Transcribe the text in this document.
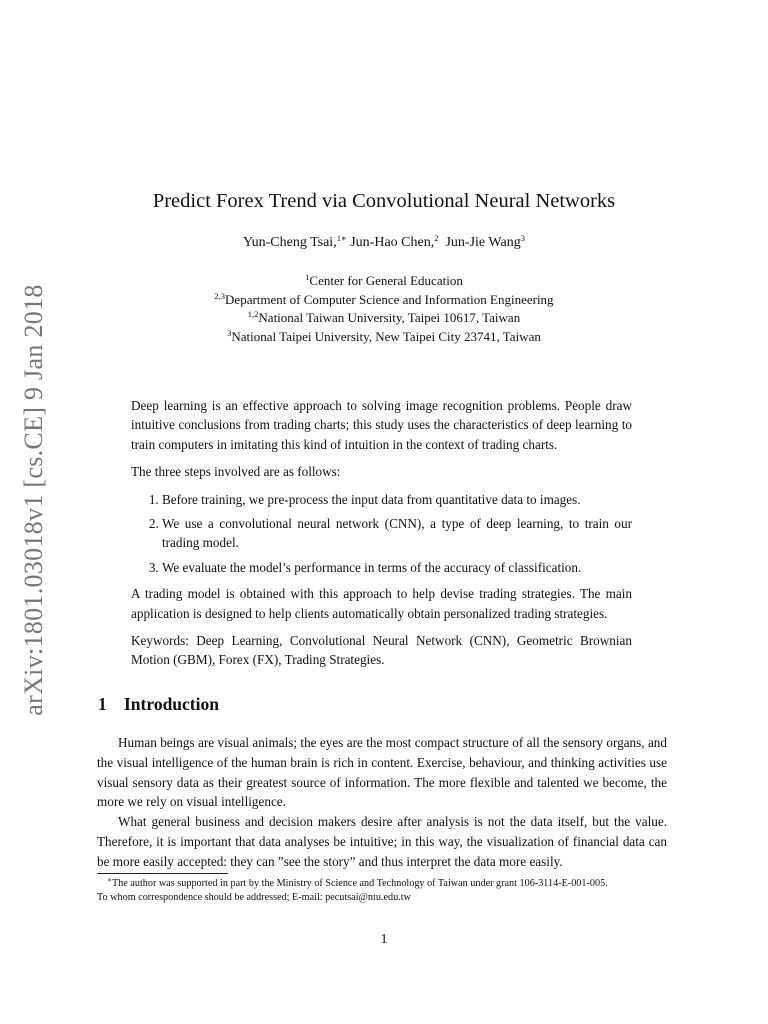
arXiv:1801.03018v1 [cs.CE] 9 Jan 2018
Predict Forex Trend via Convolutional Neural Networks
Yun-Cheng Tsai,$^{1∗}$ Jun-Hao Chen,$^2$ Jun-Jie Wang$^3$
$^1$Center for General Education
$^{2,3}$Department of Computer Science and Information Engineering
$^{1,2}$National Taiwan University, Taipei 10617, Taiwan
$^3$National Taipei University, New Taipei City 23741, Taiwan

Deep learning is an effective approach to solving image recognition problems. People draw intuitive conclusions from trading charts; this study uses the characteristics of deep learning to train computers in imitating this kind of intuition in the context of trading charts.

The three steps involved are as follows:

1. Before training, we pre-process the input data from quantitative data to images.
2. We use a convolutional neural network (CNN), a type of deep learning, to train our trading model.
3. We evaluate the model’s performance in terms of the accuracy of classification.

A trading model is obtained with this approach to help devise trading strategies. The main application is designed to help clients automatically obtain personalized trading strategies.

Keywords: Deep Learning, Convolutional Neural Network (CNN), Geometric Brownian Motion (GBM), Forex (FX), Trading Strategies.

1 Introduction

Human beings are visual animals; the eyes are the most compact structure of all the sensory organs, and the visual intelligence of the human brain is rich in content. Exercise, behaviour, and thinking activities use visual sensory data as their greatest source of information. The more flexible and talented we become, the more we rely on visual intelligence.

What general business and decision makers desire after analysis is not the data itself, but the value. Therefore, it is important that data analyses be intuitive; in this way, the visualization of financial data can be more easily accepted: they can ”see the story” and thus interpret the data more easily.

∗The author was supported in part by the Ministry of Science and Technology of Taiwan under grant 106-3114-E-001-005.
To whom correspondence should be addressed; E-mail: pecutsai@ntu.edu.tw
1
